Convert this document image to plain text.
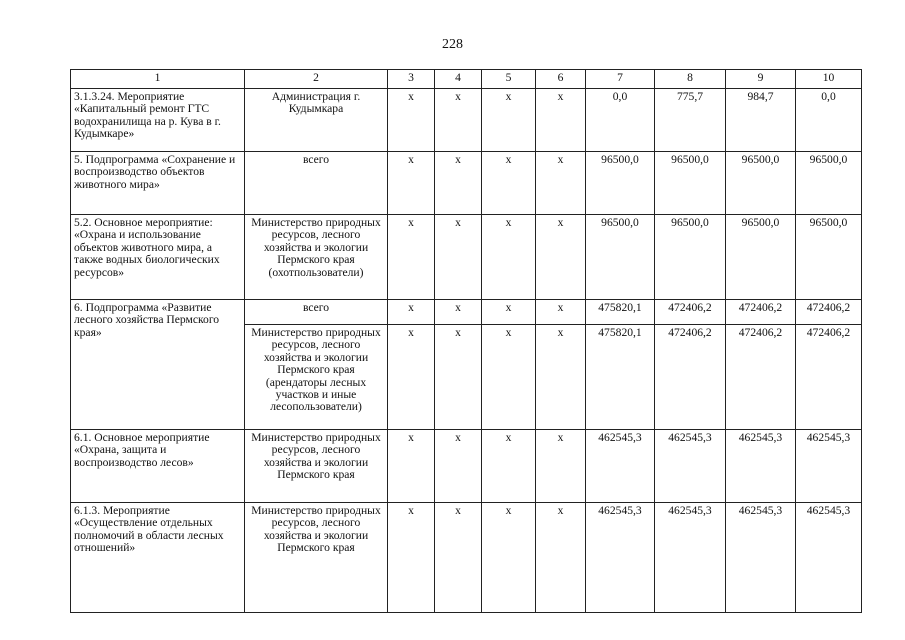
228
1	2	3	4	5	6	7	8	9	10
3.1.3.24. Мероприятие «Капитальный ремонт ГТС водохранилища на р. Кува в г. Кудымкаре»	Администрация г. Кудымкара	х	х	х	х	0,0	775,7	984,7	0,0
5. Подпрограмма «Сохранение и воспроизводство объектов животного мира»	всего	х	х	х	х	96500,0	96500,0	96500,0	96500,0
5.2. Основное мероприятие: «Охрана и использование объектов животного мира, а также водных биологических ресурсов»	Министерство природных ресурсов, лесного хозяйства и экологии Пермского края (охотпользователи)	х	х	х	х	96500,0	96500,0	96500,0	96500,0
6. Подпрограмма «Развитие лесного хозяйства Пермского края»	всего	х	х	х	х	475820,1	472406,2	472406,2	472406,2
	Министерство природных ресурсов, лесного хозяйства и экологии Пермского края (арендаторы лесных участков и иные лесопользователи)	х	х	х	х	475820,1	472406,2	472406,2	472406,2
6.1. Основное мероприятие «Охрана, защита и воспроизводство лесов»	Министерство природных ресурсов, лесного хозяйства и экологии Пермского края	х	х	х	х	462545,3	462545,3	462545,3	462545,3
6.1.3. Мероприятие «Осуществление отдельных полномочий в области лесных отношений»	Министерство природных ресурсов, лесного хозяйства и экологии Пермского края	х	х	х	х	462545,3	462545,3	462545,3	462545,3
